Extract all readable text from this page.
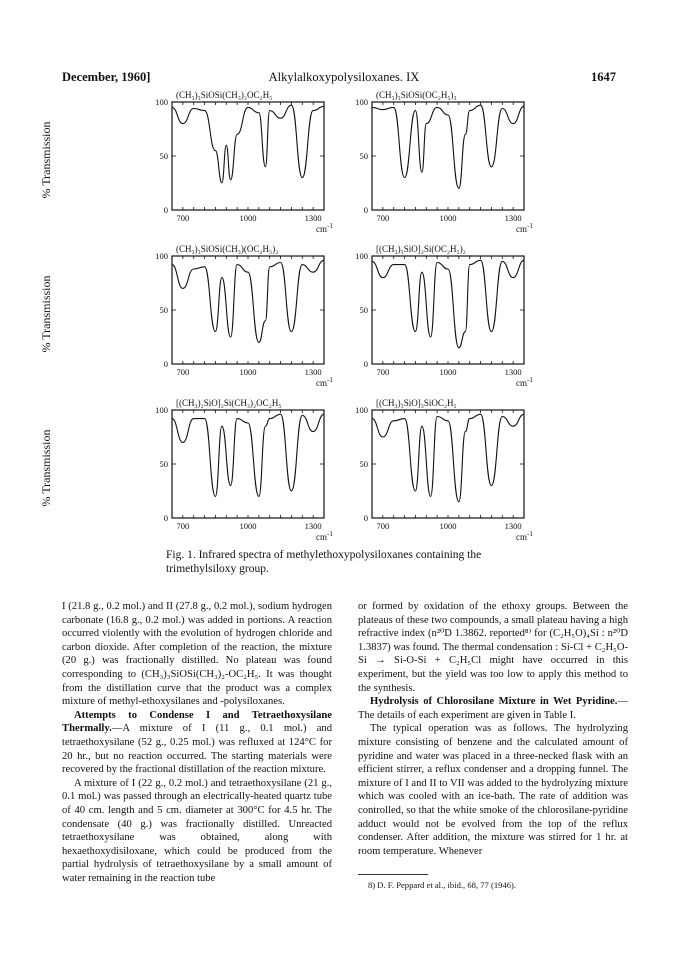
December, 1960]	Alkylalkoxypolysiloxanes. IX	1647
(CH₃)₃SiOSi(CH₃)₂OC₂H₅
100
50
0
700	1000	1300
$cm^{-1}$
(CH₃)₃SiOSi(OC₂H₅)₃
100
50
0
700	1000	1300
$cm^{-1}$
(CH₃)₃SiOSi(CH₃)(OC₂H₅)₂
100
50
0
700	1000	1300
$cm^{-1}$
[(CH₃)₃SiO]₂Si(OC₂H₅)₂
100
50
0
700	1000	1300
$cm^{-1}$
[(CH₃)₂SiO]₂Si(CH₃)₂OC₂H₅
100
50
0
700	1000	1300
$cm^{-1}$
[(CH₃)₃SiO]₃SiOC₂H₅
100
50
0
700	1000	1300
$cm^{-1}$
% Transmission
% Transmission
% Transmission
Fig. 1. Infrared spectra of methylethoxypolysiloxanes containing the trimethylsiloxy group.

I (21.8 g., 0.2 mol.) and II (27.8 g., 0.2 mol.), sodium hydrogen carbonate (16.8 g., 0.2 mol.) was added in portions. A reaction occurred violently with the evolution of hydrogen chloride and carbon dioxide. After completion of the reaction, the mixture (20 g.) was fractionally distilled. No plateau was found corresponding to (CH₃)₃SiOSi(CH₃)₂-OC₂H₅. It was thought from the distillation curve that the product was a complex mixture of methyl-ethoxysilanes and -polysiloxanes.

Attempts to Condense I and Tetraethoxysilane Thermally.—A mixture of I (11 g., 0.1 mol.) and tetraethoxysilane (52 g., 0.25 mol.) was refluxed at 124°C for 20 hr., but no reaction occurred. The starting materials were recovered by the fractional distillation of the reaction mixture.

A mixture of I (22 g., 0.2 mol.) and tetraethoxysilane (21 g., 0.1 mol.) was passed through an electrically-heated quartz tube of 40 cm. length and 5 cm. diameter at 300°C for 4.5 hr. The condensate (40 g.) was fractionally distilled. Unreacted tetraethoxysilane was obtained, along with hexaethoxydisiloxane, which could be produced from the partial hydrolysis of tetraethoxysilane by a small amount of water remaining in the reaction tube

or formed by oxidation of the ethoxy groups. Between the plateaus of these two compounds, a small plateau having a high refractive index (n²⁰D 1.3862. reported⁸⁾ for (C₂H₅O)₄Si : n²⁰D 1.3837) was found. The thermal condensation : Si-Cl + C₂H₅O-Si → Si-O-Si + C₂H₅Cl might have occurred in this experiment, but the yield was too low to apply this method to the synthesis.

Hydrolysis of Chlorosilane Mixture in Wet Pyridine.—The details of each experiment are given in Table I.

The typical operation was as follows. The hydrolyzing mixture consisting of benzene and the calculated amount of pyridine and water was placed in a three-necked flask with an efficient stirrer, a reflux condenser and a dropping funnel. The mixture of I and II to VII was added to the hydrolyzing mixture which was cooled with an ice-bath. The rate of addition was controlled, so that the white smoke of the chlorosilane-pyridine adduct would not be evolved from the top of the reflux condenser. After addition, the mixture was stirred for 1 hr. at room temperature. Whenever

8) D. F. Peppard et al., ibid., 68, 77 (1946).
